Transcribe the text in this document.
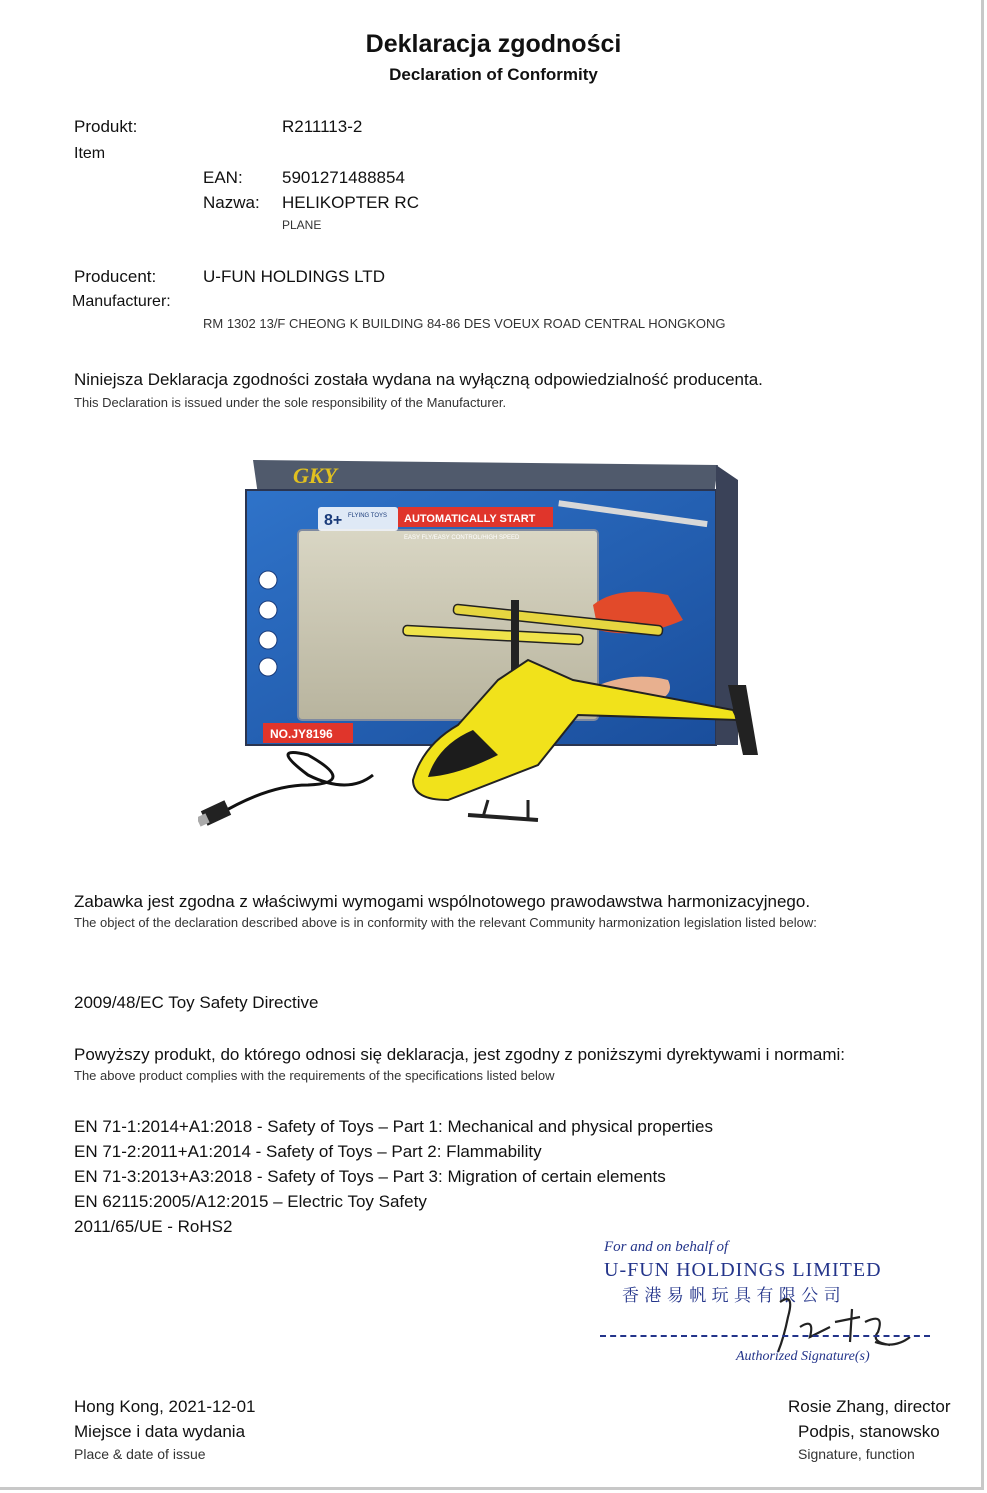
Deklaracja zgodności
Declaration of Conformity
Produkt:
Item
R211113-2
EAN: 5901271488854
Nazwa: HELIKOPTER RC
PLANE
Producent:
Manufacturer:
U-FUN HOLDINGS LTD
RM 1302 13/F CHEONG K BUILDING 84-86 DES VOEUX ROAD CENTRAL HONGKONG
Niniejsza Deklaracja zgodności została wydana na wyłączną odpowiedzialność producenta.
This Declaration is issued under the sole responsibility of the Manufacturer.
8+ FLYING TOYS AUTOMATICALLY START
EASY FLY/EASY CONTROL/HIGH SPEED
GKY
NO.JY8196
Zabawka jest zgodna z właściwymi wymogami wspólnotowego prawodawstwa harmonizacyjnego.
The object of the declaration described above is in conformity with the relevant Community harmonization legislation listed below:
2009/48/EC Toy Safety Directive
Powyższy produkt, do którego odnosi się deklaracja, jest zgodny z poniższymi dyrektywami i normami:
The above product complies with the requirements of the specifications listed below
EN 71-1:2014+A1:2018 - Safety of Toys – Part 1: Mechanical and physical properties
EN 71-2:2011+A1:2014 - Safety of Toys – Part 2: Flammability
EN 71-3:2013+A3:2018 - Safety of Toys – Part 3: Migration of certain elements
EN 62115:2005/A12:2015 – Electric Toy Safety
2011/65/UE - RoHS2
For and on behalf of
U-FUN HOLDINGS LIMITED
香 港 易 帆 玩 具 有 限 公 司
Authorized Signature(s)
Hong Kong, 2021-12-01
Miejsce i data wydania
Place & date of issue
Rosie Zhang, director
Podpis, stanowsko
Signature, function
